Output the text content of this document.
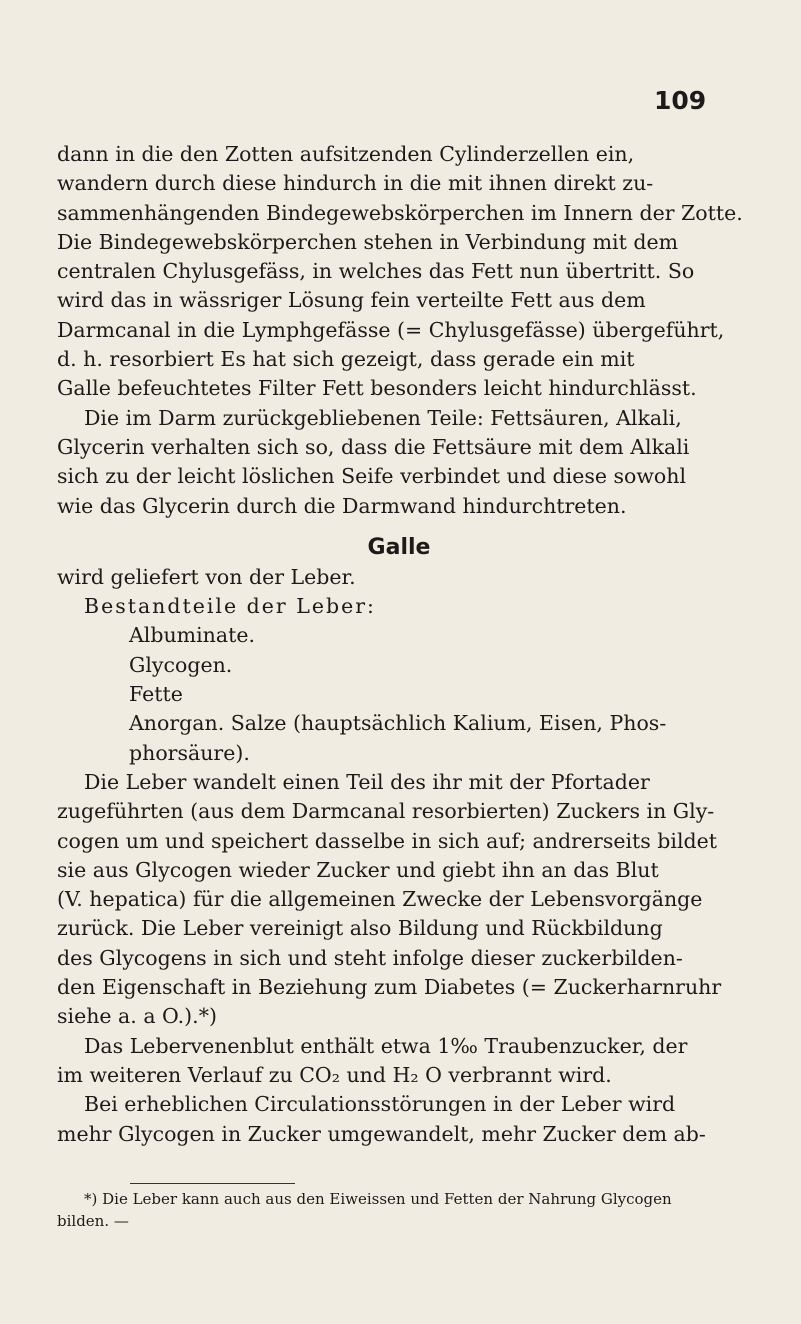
109
dann in die den Zotten aufsitzenden Cylinderzellen ein,
wandern durch diese hindurch in die mit ihnen direkt zu-
sammenhängenden Bindegewebskörperchen im Innern der Zotte.
Die Bindegewebskörperchen stehen in Verbindung mit dem
centralen Chylusgefäss, in welches das Fett nun übertritt. So
wird das in wässriger Lösung fein verteilte Fett aus dem
Darmcanal in die Lymphgefässe (= Chylusgefässe) übergeführt,
d. h. resorbiert Es hat sich gezeigt, dass gerade ein mit
Galle befeuchtetes Filter Fett besonders leicht hindurchlässt.
Die im Darm zurückgebliebenen Teile: Fettsäuren, Alkali,
Glycerin verhalten sich so, dass die Fettsäure mit dem Alkali
sich zu der leicht löslichen Seife verbindet und diese sowohl
wie das Glycerin durch die Darmwand hindurchtreten.
Galle
wird geliefert von der Leber.
Bestandteile der Leber:
Albuminate.
Glycogen.
Fette
Anorgan. Salze (hauptsächlich Kalium, Eisen, Phos-
phorsäure).
Die Leber wandelt einen Teil des ihr mit der Pfortader
zugeführten (aus dem Darmcanal resorbierten) Zuckers in Gly-
cogen um und speichert dasselbe in sich auf; andrerseits bildet
sie aus Glycogen wieder Zucker und giebt ihn an das Blut
(V. hepatica) für die allgemeinen Zwecke der Lebensvorgänge
zurück. Die Leber vereinigt also Bildung und Rückbildung
des Glycogens in sich und steht infolge dieser zuckerbilden-
den Eigenschaft in Beziehung zum Diabetes (= Zuckerharnruhr
siehe a. a O.).*)
Das Lebervenenblut enthält etwa 1‰ Traubenzucker, der
im weiteren Verlauf zu CO₂ und H₂ O verbrannt wird.
Bei erheblichen Circulationsstörungen in der Leber wird
mehr Glycogen in Zucker umgewandelt, mehr Zucker dem ab-
*) Die Leber kann auch aus den Eiweissen und Fetten der Nahrung Glycogen
bilden. —
